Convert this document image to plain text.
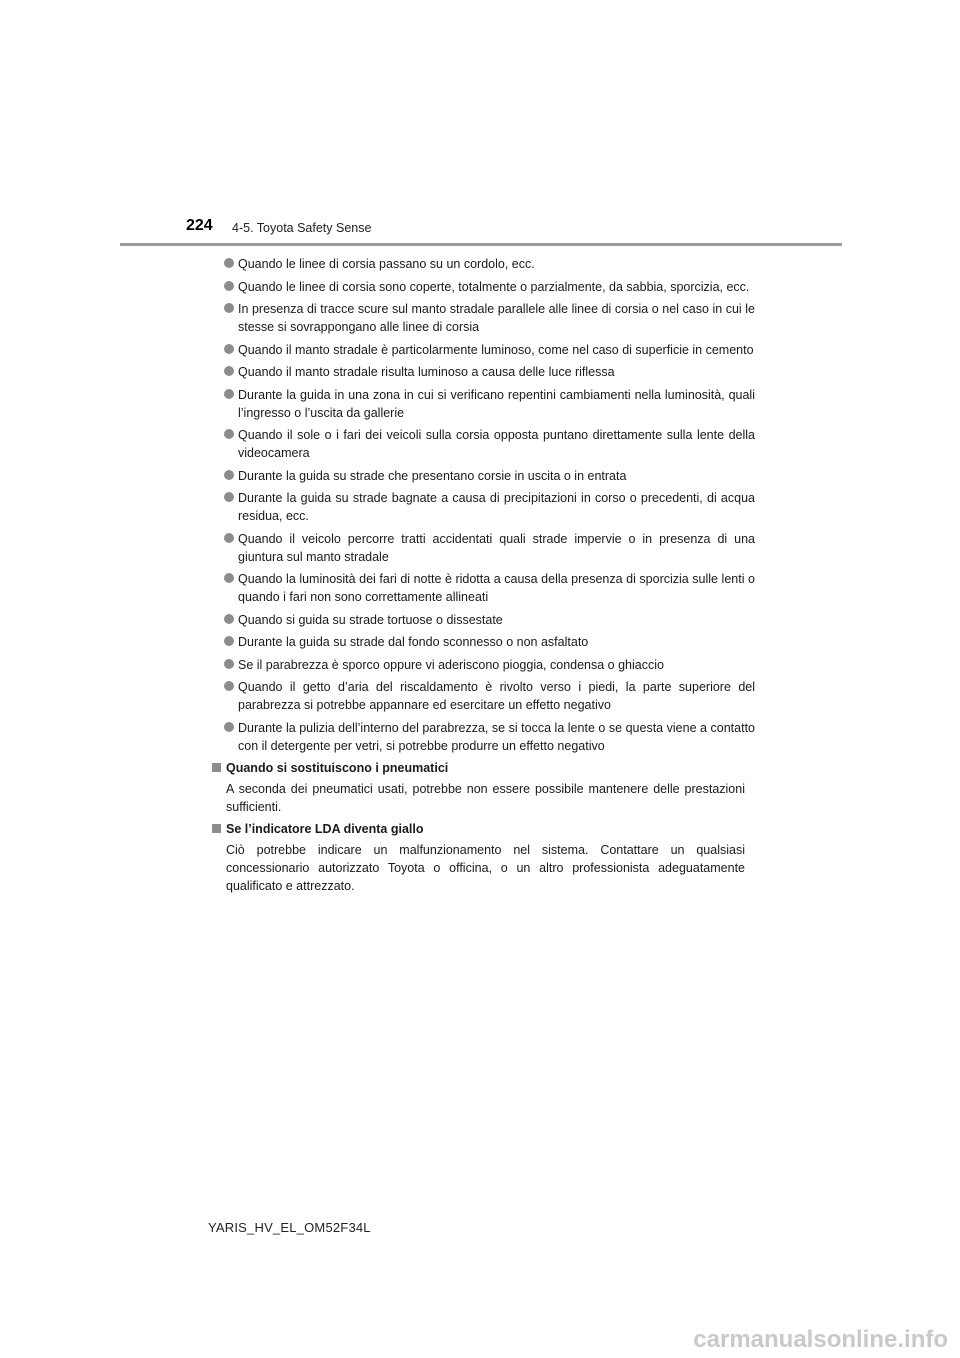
224 4-5. Toyota Safety Sense
Quando le linee di corsia passano su un cordolo, ecc.
Quando le linee di corsia sono coperte, totalmente o parzialmente, da sabbia, sporcizia, ecc.
In presenza di tracce scure sul manto stradale parallele alle linee di corsia o nel caso in cui le stesse si sovrappongano alle linee di corsia
Quando il manto stradale è particolarmente luminoso, come nel caso di superficie in cemento
Quando il manto stradale risulta luminoso a causa delle luce riflessa
Durante la guida in una zona in cui si verificano repentini cambiamenti nella luminosità, quali l’ingresso o l’uscita da gallerie
Quando il sole o i fari dei veicoli sulla corsia opposta puntano direttamente sulla lente della videocamera
Durante la guida su strade che presentano corsie in uscita o in entrata
Durante la guida su strade bagnate a causa di precipitazioni in corso o precedenti, di acqua residua, ecc.
Quando il veicolo percorre tratti accidentati quali strade impervie o in presenza di una giuntura sul manto stradale
Quando la luminosità dei fari di notte è ridotta a causa della presenza di sporcizia sulle lenti o quando i fari non sono correttamente allineati
Quando si guida su strade tortuose o dissestate
Durante la guida su strade dal fondo sconnesso o non asfaltato
Se il parabrezza è sporco oppure vi aderiscono pioggia, condensa o ghiaccio
Quando il getto d’aria del riscaldamento è rivolto verso i piedi, la parte superiore del parabrezza si potrebbe appannare ed esercitare un effetto negativo
Durante la pulizia dell’interno del parabrezza, se si tocca la lente o se questa viene a contatto con il detergente per vetri, si potrebbe produrre un effetto negativo
Quando si sostituiscono i pneumatici
A seconda dei pneumatici usati, potrebbe non essere possibile mantenere delle prestazioni sufficienti.
Se l’indicatore LDA diventa giallo
Ciò potrebbe indicare un malfunzionamento nel sistema. Contattare un qualsiasi concessionario autorizzato Toyota o officina, o un altro professionista adeguatamente qualificato e attrezzato.
YARIS_HV_EL_OM52F34L
carmanualsonline.info
